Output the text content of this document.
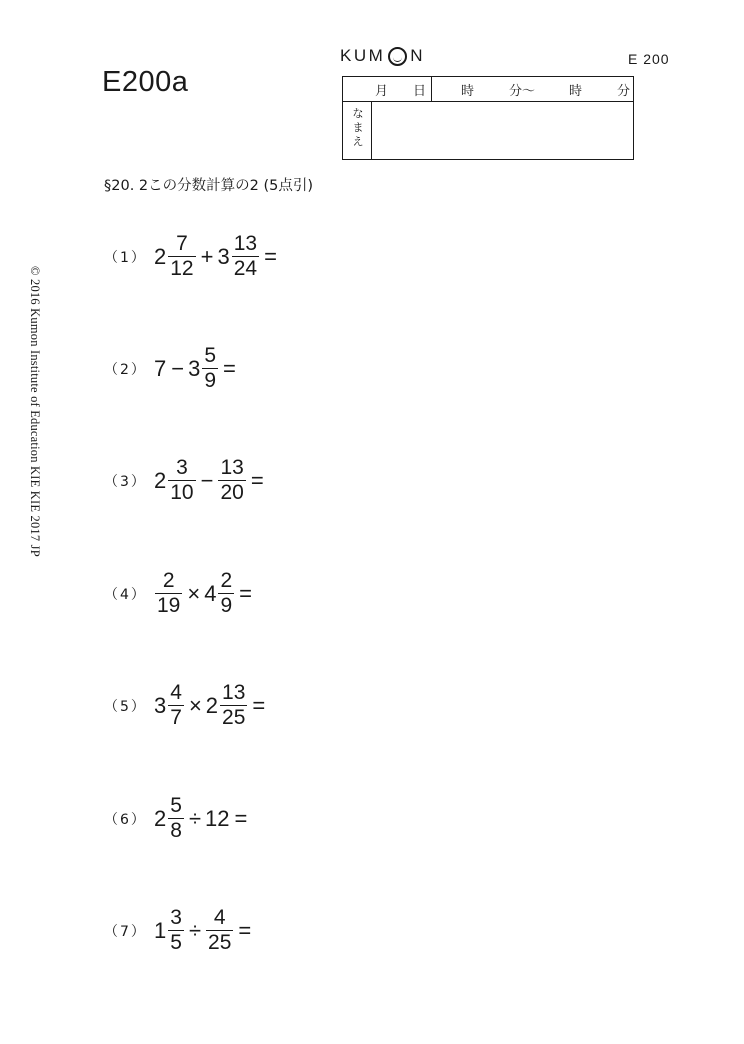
E200a
KUM N	E 200
月 日	時	分〜	時	分
なまえ
§20. 2この分数計算の2 (5点引)
© 2016 Kumon Institute of Education KIE KIE 2017 JP
（1） $2 \frac{7}{12} + 3 \frac{13}{24}$ =
（2） $7 - 3 \frac{5}{9}$ =
（3） $2 \frac{3}{10} - \frac{13}{20}$ =
$(4) \frac{2}{19} \times 4 \frac{2}{9}$ =
（5） $3 \frac{4}{7} \times 2 \frac{13}{25}$ =
（6） $2 \frac{5}{8} \div 12$ =
（7） $1 \frac{3}{5} \div \frac{4}{25}$ =
